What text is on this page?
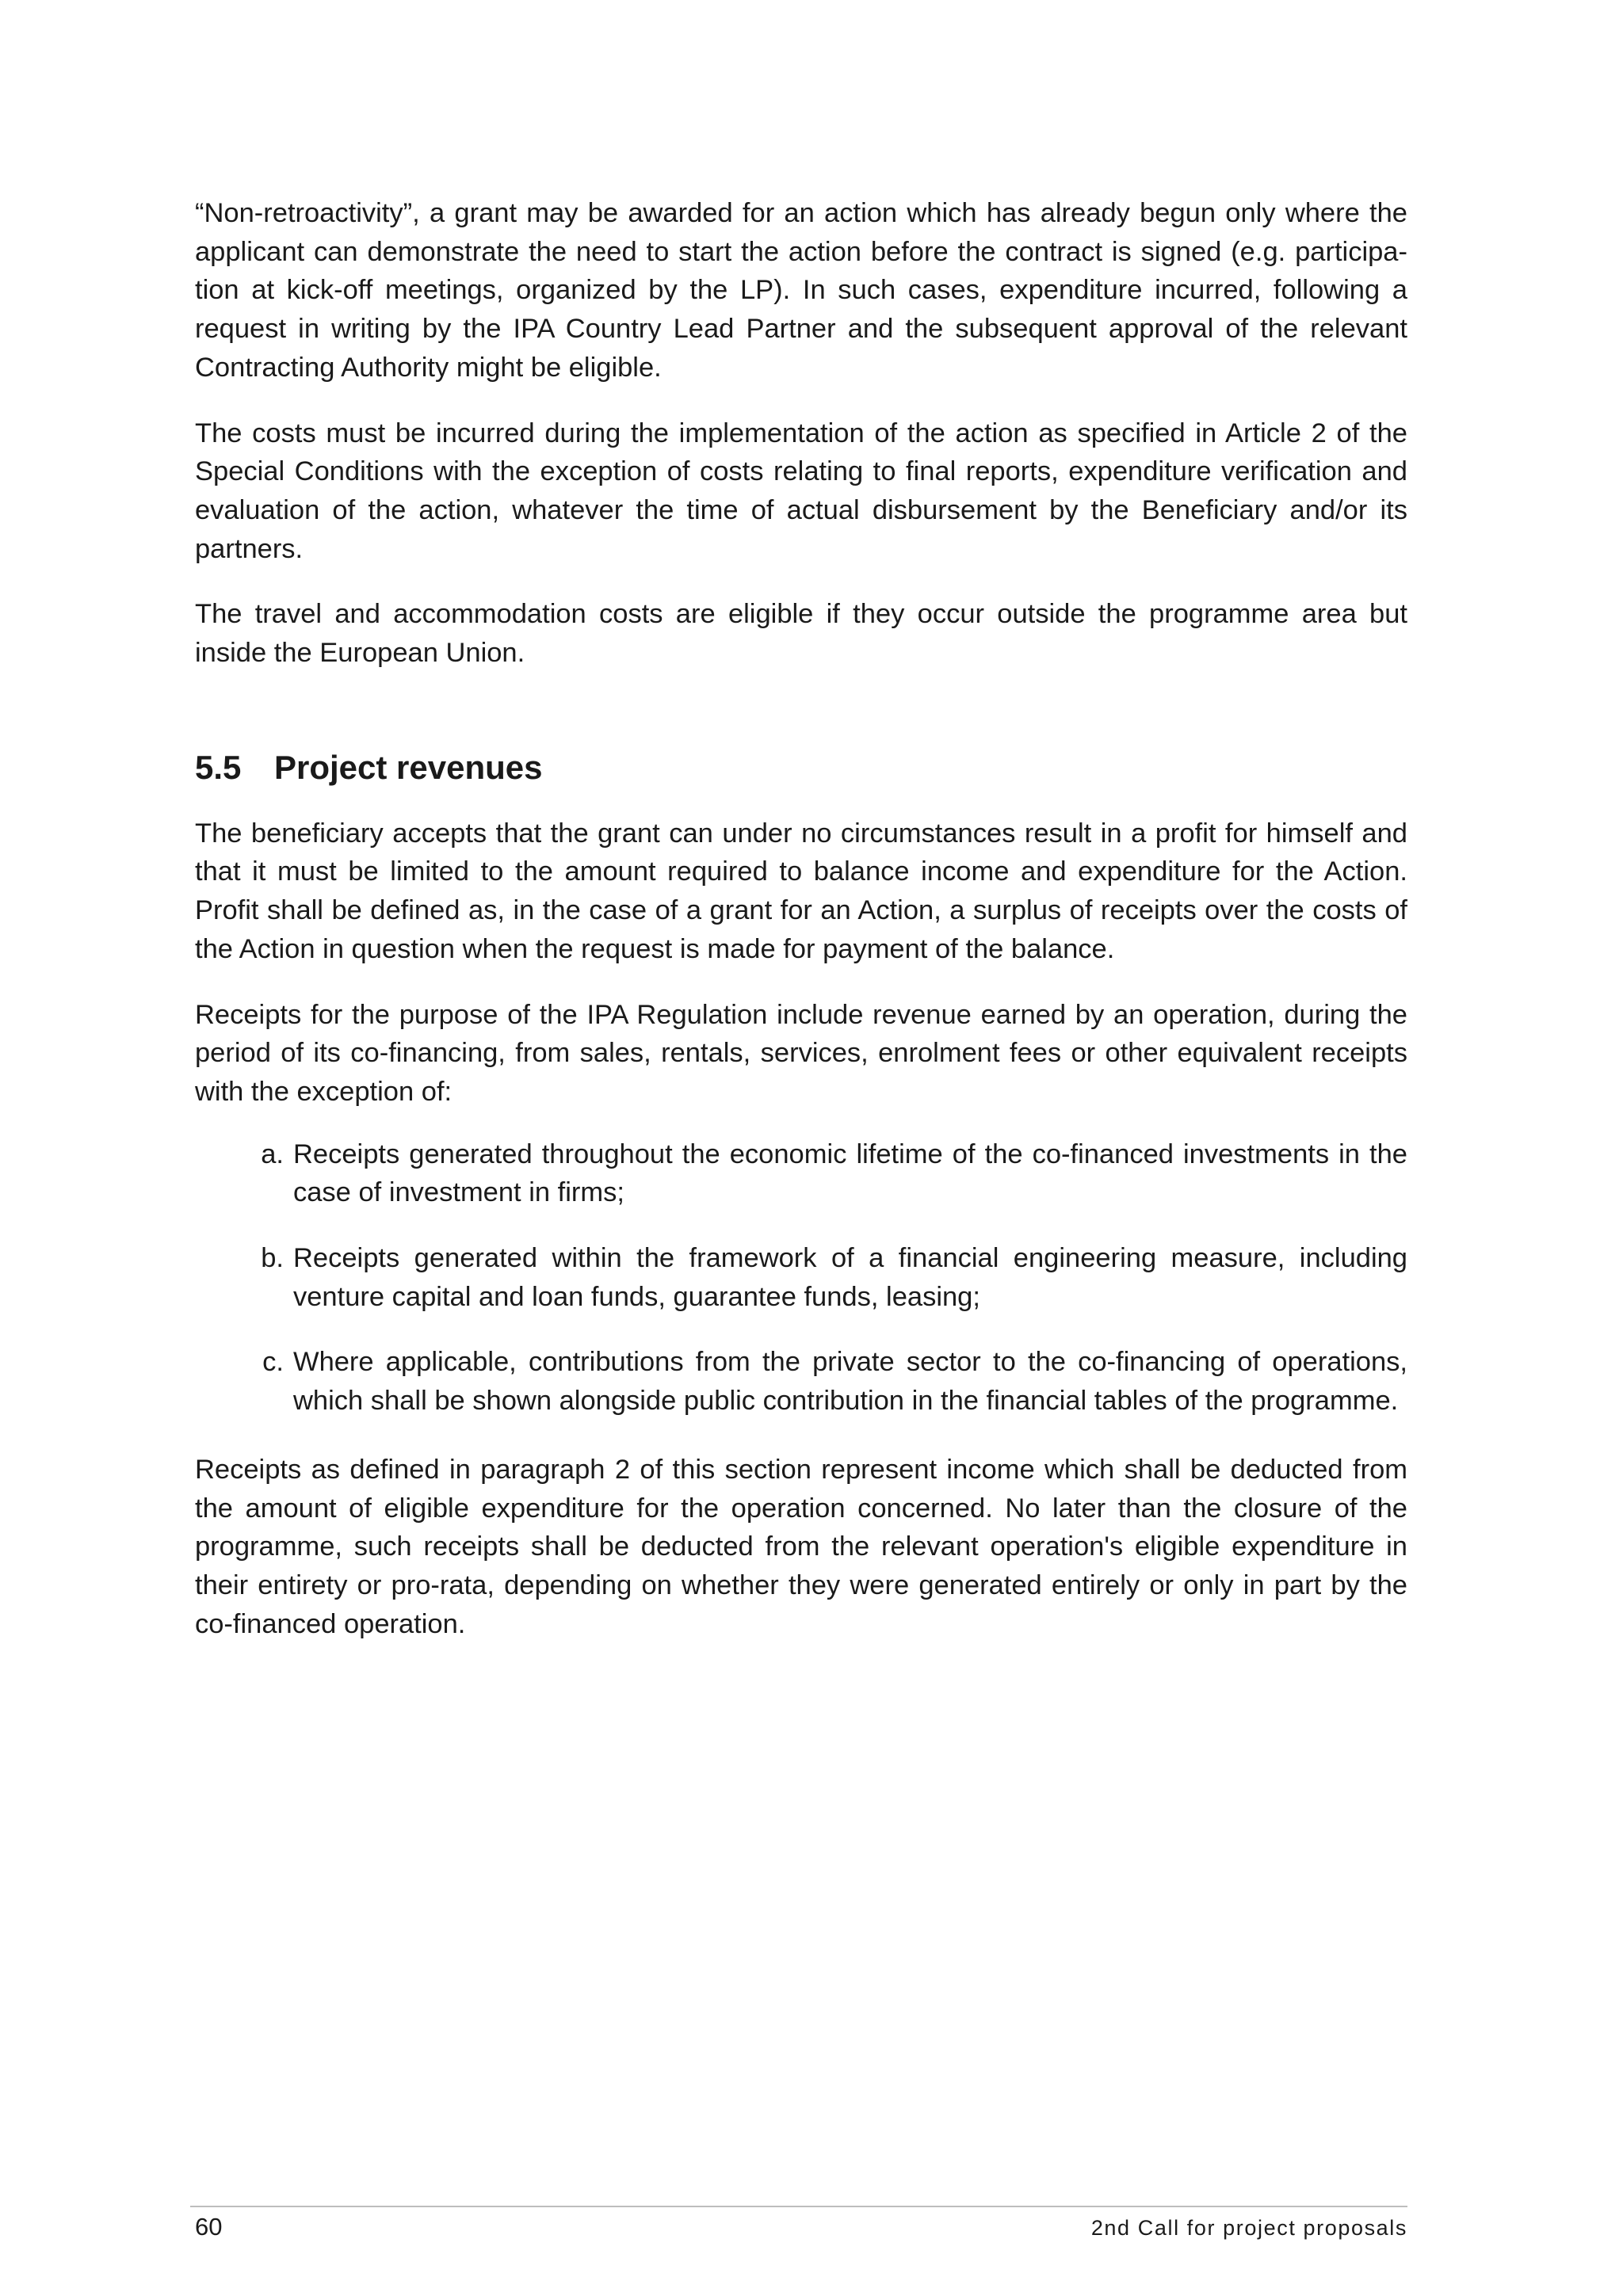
“Non-retroactivity”, a grant may be awarded for an action which has already begun only where the applicant can demonstrate the need to start the action before the contract is signed (e.g. participation at kick-off meetings, organized by the LP). In such cases, expenditure incurred, following a request in writing by the IPA Country Lead Partner and the subsequent approval of the relevant Contracting Authority might be eligible.

The costs must be incurred during the implementation of the action as specified in Article 2 of the Special Conditions with the exception of costs relating to final reports, expenditure verification and evaluation of the action, whatever the time of actual disbursement by the Beneficiary and/or its partners.

The travel and accommodation costs are eligible if they occur outside the programme area but inside the European Union.

5.5 Project revenues

The beneficiary accepts that the grant can under no circumstances result in a profit for himself and that it must be limited to the amount required to balance income and expenditure for the Action. Profit shall be defined as, in the case of a grant for an Action, a surplus of receipts over the costs of the Action in question when the request is made for payment of the balance.

Receipts for the purpose of the IPA Regulation include revenue earned by an operation, during the period of its co-financing, from sales, rentals, services, enrolment fees or other equivalent receipts with the exception of:

a. Receipts generated throughout the economic lifetime of the co-financed investments in the case of investment in firms;
b. Receipts generated within the framework of a financial engineering measure, including venture capital and loan funds, guarantee funds, leasing;
c. Where applicable, contributions from the private sector to the co-financing of operations, which shall be shown alongside public contribution in the financial tables of the programme.

Receipts as defined in paragraph 2 of this section represent income which shall be deducted from the amount of eligible expenditure for the operation concerned. No later than the closure of the programme, such receipts shall be deducted from the relevant operation's eligible expenditure in their entirety or pro-rata, depending on whether they were generated entirely or only in part by the co-financed operation.

60	2nd Call for project proposals
